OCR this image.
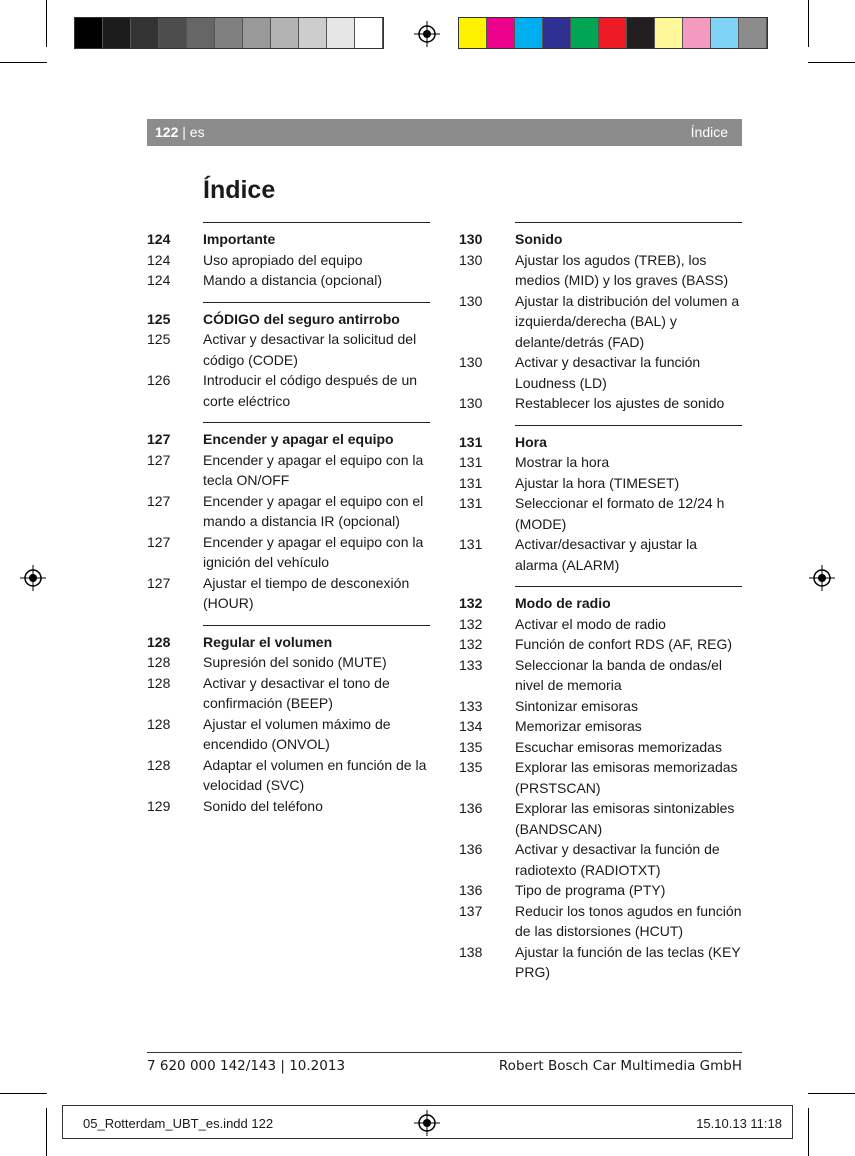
122 | es	Índice
Índice
124	Importante
124	Uso apropiado del equipo
124	Mando a distancia (opcional)
125	CÓDIGO del seguro antirrobo
125	Activar y desactivar la solicitud del código (CODE)
126	Introducir el código después de un corte eléctrico
127	Encender y apagar el equipo
127	Encender y apagar el equipo con la tecla ON/OFF
127	Encender y apagar el equipo con el mando a distancia IR (opcional)
127	Encender y apagar el equipo con la ignición del vehículo
127	Ajustar el tiempo de desconexión (HOUR)
128	Regular el volumen
128	Supresión del sonido (MUTE)
128	Activar y desactivar el tono de confirmación (BEEP)
128	Ajustar el volumen máximo de encendido (ONVOL)
128	Adaptar el volumen en función de la velocidad (SVC)
129	Sonido del teléfono
130	Sonido
130	Ajustar los agudos (TREB), los medios (MID) y los graves (BASS)
130	Ajustar la distribución del volumen a izquierda/derecha (BAL) y delante/detrás (FAD)
130	Activar y desactivar la función Loudness (LD)
130	Restablecer los ajustes de sonido
131	Hora
131	Mostrar la hora
131	Ajustar la hora (TIMESET)
131	Seleccionar el formato de 12/24 h (MODE)
131	Activar/desactivar y ajustar la alarma (ALARM)
132	Modo de radio
132	Activar el modo de radio
132	Función de confort RDS (AF, REG)
133	Seleccionar la banda de ondas/el nivel de memoria
133	Sintonizar emisoras
134	Memorizar emisoras
135	Escuchar emisoras memorizadas
135	Explorar las emisoras memorizadas (PRSTSCAN)
136	Explorar las emisoras sintonizables (BANDSCAN)
136	Activar y desactivar la función de radiotexto (RADIOTXT)
136	Tipo de programa (PTY)
137	Reducir los tonos agudos en función de las distorsiones (HCUT)
138	Ajustar la función de las teclas (KEY PRG)
7 620 000 142/143 | 10.2013	Robert Bosch Car Multimedia GmbH
05_Rotterdam_UBT_es.indd 122	15.10.13 11:18
